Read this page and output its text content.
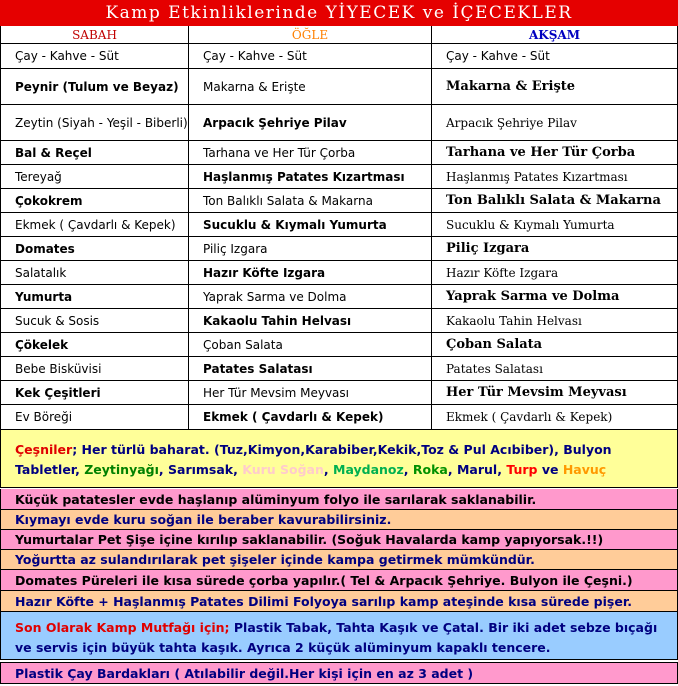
Kamp Etkinliklerinde YİYECEK ve İÇECEKLER
SABAH	ÖĞLE	AKŞAM
Çay - Kahve - Süt	Çay - Kahve - Süt	Çay - Kahve - Süt
Peynir (Tulum ve Beyaz)	Makarna & Erişte	Makarna & Erişte
Zeytin (Siyah - Yeşil - Biberli)	Arpacık Şehriye Pilav	Arpacık Şehriye Pilav
Bal & Reçel	Tarhana ve Her Tür Çorba	Tarhana ve Her Tür Çorba
Tereyağ	Haşlanmış Patates Kızartması	Haşlanmış Patates Kızartması
Çokokrem	Ton Balıklı Salata & Makarna	Ton Balıklı Salata & Makarna
Ekmek ( Çavdarlı & Kepek)	Sucuklu & Kıymalı Yumurta	Sucuklu & Kıymalı Yumurta
Domates	Piliç Izgara	Piliç Izgara
Salatalık	Hazır Köfte Izgara	Hazır Köfte Izgara
Yumurta	Yaprak Sarma ve Dolma	Yaprak Sarma ve Dolma
Sucuk & Sosis	Kakaolu Tahin Helvası	Kakaolu Tahin Helvası
Çökelek	Çoban Salata	Çoban Salata
Bebe Bisküvisi	Patates Salatası	Patates Salatası
Kek Çeşitleri	Her Tür Mevsim Meyvası	Her Tür Mevsim Meyvası
Ev Böreği	Ekmek ( Çavdarlı & Kepek)	Ekmek ( Çavdarlı & Kepek)
Çeşniler; Her türlü baharat. (Tuz,Kimyon,Karabiber,Kekik,Toz & Pul Acıbiber), Bulyon
Tabletler, Zeytinyağı, Sarımsak, Kuru Soğan, Maydanoz, Roka, Marul, Turp ve Havuç
Küçük patatesler evde haşlanıp alüminyum folyo ile sarılarak saklanabilir.
Kıymayı evde kuru soğan ile beraber kavurabilirsiniz.
Yumurtalar Pet Şişe içine kırılıp saklanabilir. (Soğuk Havalarda kamp yapıyorsak.!!)
Yoğurtta az sulandırılarak pet şişeler içinde kampa getirmek mümkündür.
Domates Püreleri ile kısa sürede çorba yapılır.( Tel & Arpacık Şehriye. Bulyon ile Çeşni.)
Hazır Köfte + Haşlanmış Patates Dilimi Folyoya sarılıp kamp ateşinde kısa sürede pişer.
Son Olarak Kamp Mutfağı için; Plastik Tabak, Tahta Kaşık ve Çatal. Bir iki adet sebze bıçağı
ve servis için büyük tahta kaşık. Ayrıca 2 küçük alüminyum kapaklı tencere.
Plastik Çay Bardakları ( Atılabilir değil.Her kişi için en az 3 adet )
